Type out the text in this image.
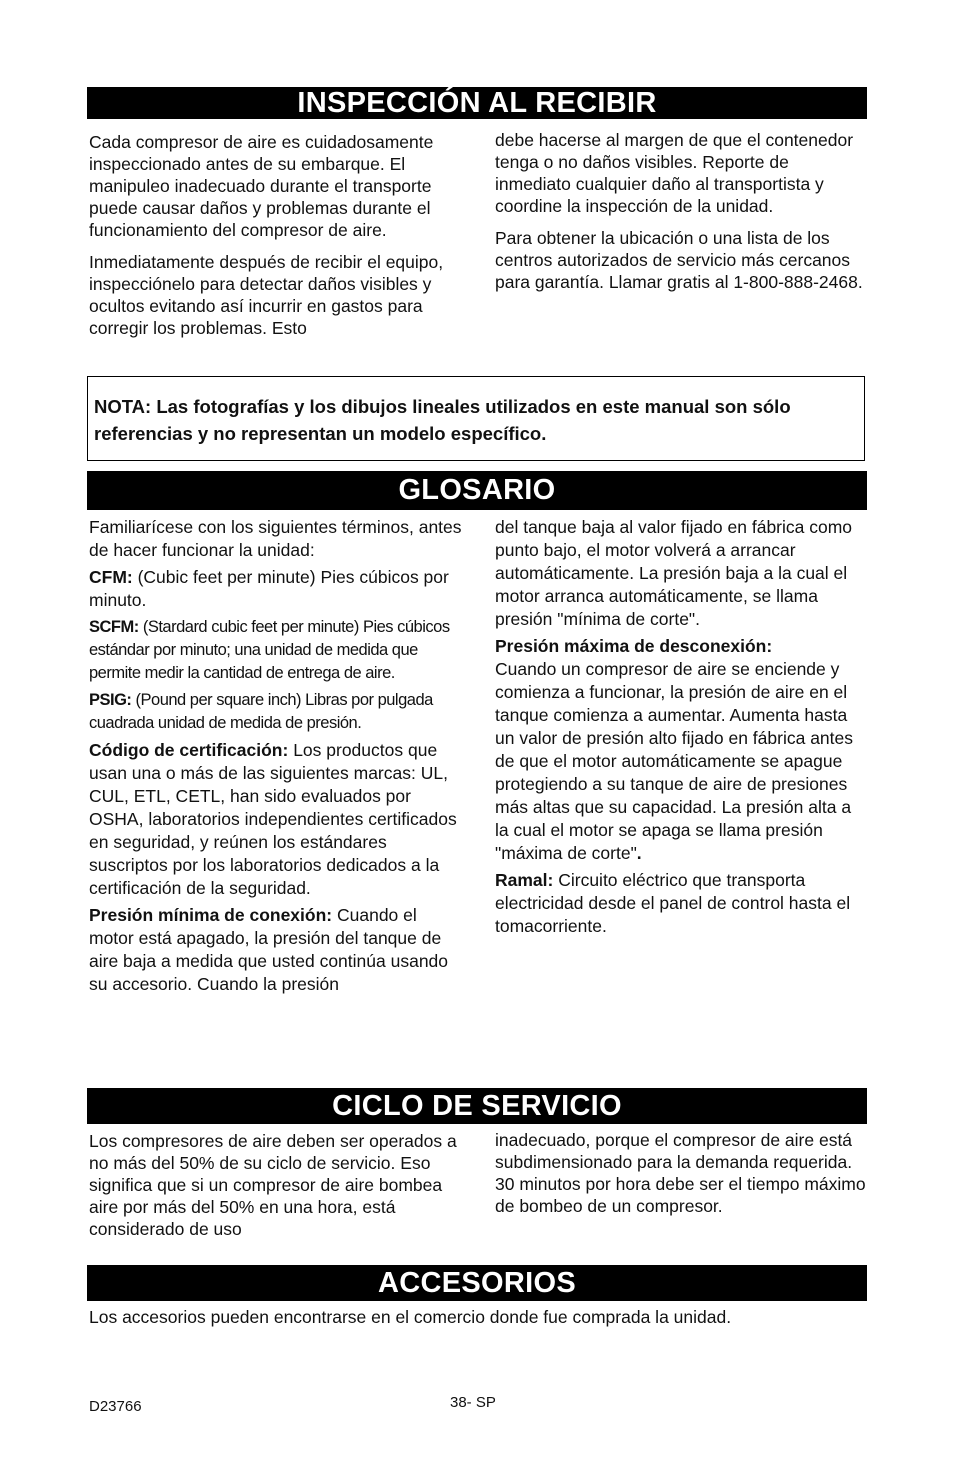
INSPECCIÓN AL RECIBIR

Cada compresor de aire es cuidadosamente inspeccionado antes de su embarque. El manipuleo inadecuado durante el transporte puede causar daños y problemas durante el funcionamiento del compresor de aire.

Inmediatamente después de recibir el equipo, inspecciónelo para detectar daños visibles y ocultos evitando así incurrir en gastos para corregir los problemas. Esto

debe hacerse al margen de que el contenedor tenga o no daños visibles. Reporte de inmediato cualquier daño al transportista y coordine la inspección de la unidad.

Para obtener la ubicación o una lista de los centros autorizados de servicio más cercanos para garantía. Llamar gratis al 1-800-888-2468.

NOTA: Las fotografías y los dibujos lineales utilizados en este manual son sólo referencias y no representan un modelo específico.
GLOSARIO

Familiarícese con los siguientes términos, antes de hacer funcionar la unidad:

CFM: (Cubic feet per minute) Pies cúbicos por minuto.

SCFM: (Stardard cubic feet per minute) Pies cúbicos estándar por minuto; una unidad de medida que permite medir la cantidad de entrega de aire.

PSIG: (Pound per square inch) Libras por pulgada cuadrada unidad de medida de presión.

Código de certificación: Los productos que usan una o más de las siguientes marcas: UL, CUL, ETL, CETL, han sido evaluados por OSHA, laboratorios independientes certificados en seguridad, y reúnen los estándares suscriptos por los laboratorios dedicados a la certificación de la seguridad.

Presión mínima de conexión: Cuando el motor está apagado, la presión del tanque de aire baja a medida que usted continúa usando su accesorio. Cuando la presión

del tanque baja al valor fijado en fábrica como punto bajo, el motor volverá a arrancar automáticamente. La presión baja a la cual el motor arranca automáticamente, se llama presión "mínima de corte".

Presión máxima de desconexión:
Cuando un compresor de aire se enciende y comienza a funcionar, la presión de aire en el tanque comienza a aumentar. Aumenta hasta un valor de presión alto fijado en fábrica antes de que el motor automáticamente se apague protegiendo a su tanque de aire de presiones más altas que su capacidad. La presión alta a la cual el motor se apaga se llama presión "máxima de corte".

Ramal: Circuito eléctrico que transporta electricidad desde el panel de control hasta el tomacorriente.

CICLO DE SERVICIO

Los compresores de aire deben ser operados a no más del 50% de su ciclo de servicio. Eso significa que si un compresor de aire bombea aire por más del 50% en una hora, está considerado de uso

inadecuado, porque el compresor de aire está subdimensionado para la demanda requerida. 30 minutos por hora debe ser el tiempo máximo de bombeo de un compresor.

ACCESORIOS

Los accesorios pueden encontrarse en el comercio donde fue comprada la unidad.

D23766	38- SP
